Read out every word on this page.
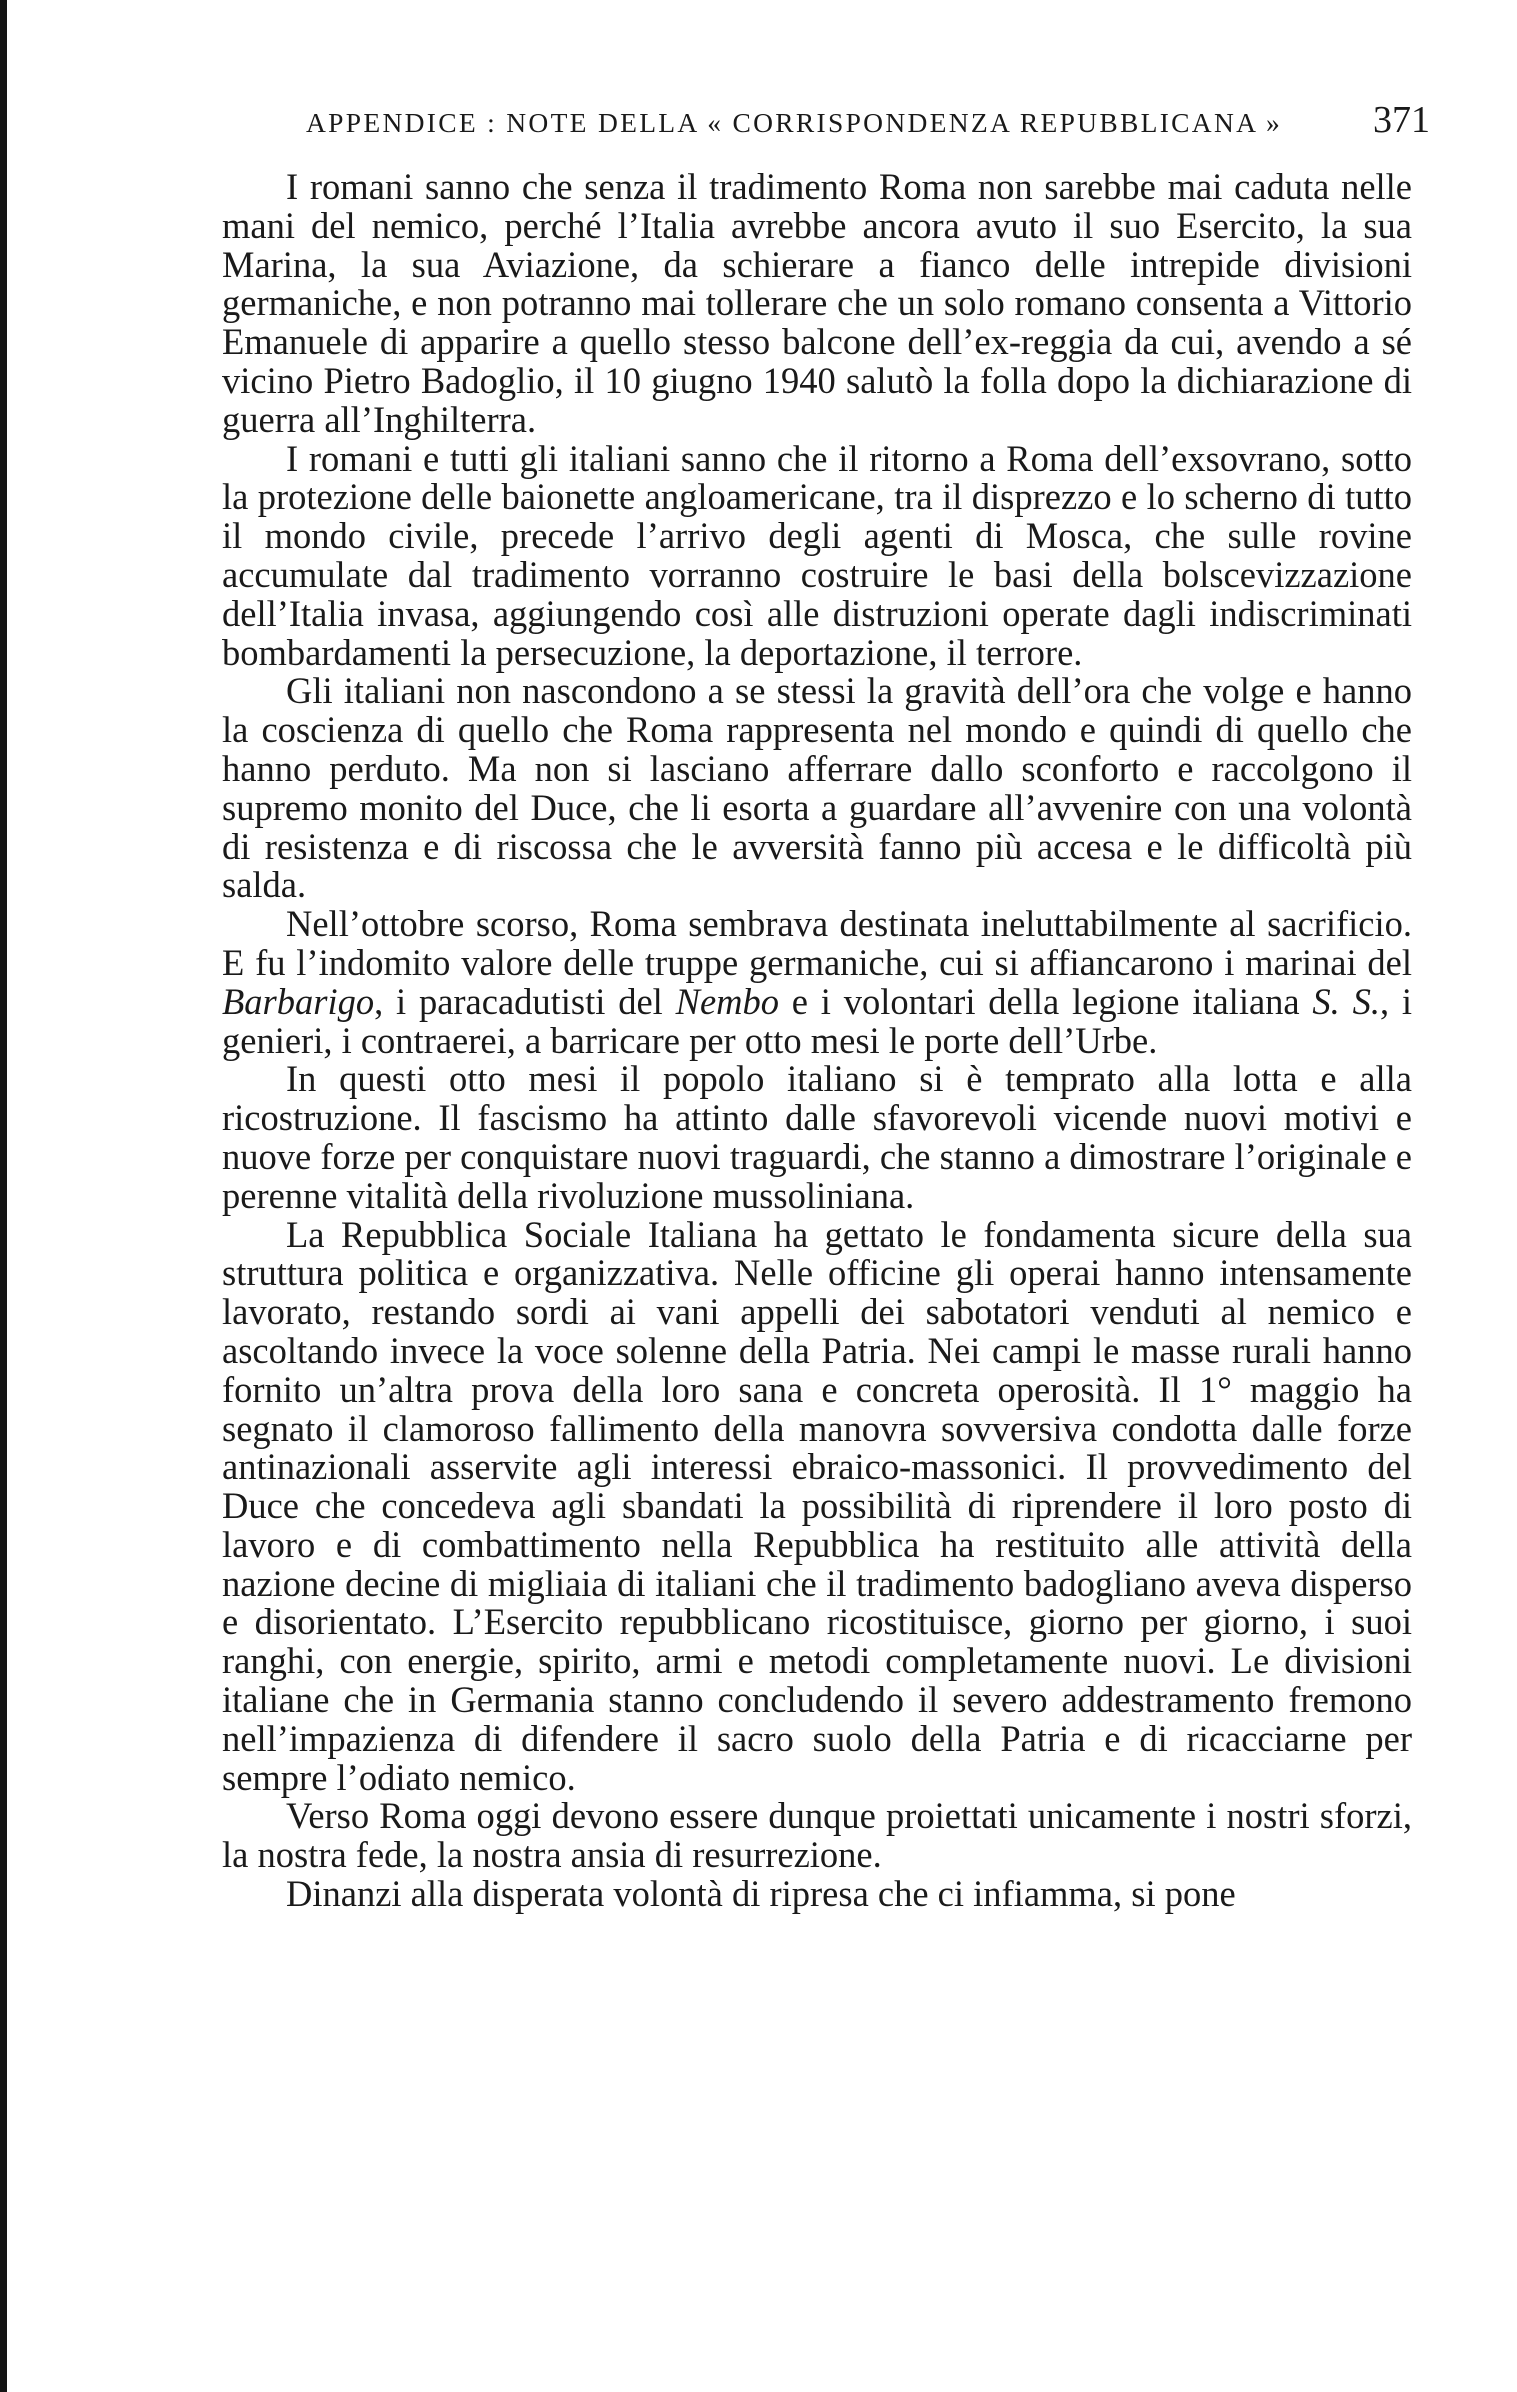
APPENDICE : NOTE DELLA « CORRISPONDENZA REPUBBLICANA » 371

I romani sanno che senza il tradimento Roma non sarebbe mai caduta nelle mani del nemico, perché l’Italia avrebbe ancora avuto il suo Esercito, la sua Marina, la sua Aviazione, da schierare a fianco delle intrepide divisioni germaniche, e non potranno mai tollerare che un solo romano consenta a Vittorio Emanuele di apparire a quello stesso balcone dell’ex-reggia da cui, avendo a sé vicino Pietro Badoglio, il 10 giugno 1940 salutò la folla dopo la dichiarazione di guerra all’Inghilterra.

I romani e tutti gli italiani sanno che il ritorno a Roma dell’exsovrano, sotto la protezione delle baionette angloamericane, tra il disprezzo e lo scherno di tutto il mondo civile, precede l’arrivo degli agenti di Mosca, che sulle rovine accumulate dal tradimento vorranno costruire le basi della bolscevizzazione dell’Italia invasa, aggiungendo così alle distruzioni operate dagli indiscriminati bombardamenti la persecuzione, la deportazione, il terrore.

Gli italiani non nascondono a se stessi la gravità dell’ora che volge e hanno la coscienza di quello che Roma rappresenta nel mondo e quindi di quello che hanno perduto. Ma non si lasciano afferrare dallo sconforto e raccolgono il supremo monito del Duce, che li esorta a guardare all’avvenire con una volontà di resistenza e di riscossa che le avversità fanno più accesa e le difficoltà più salda.

Nell’ottobre scorso, Roma sembrava destinata ineluttabilmente al sacrificio. E fu l’indomito valore delle truppe germaniche, cui si affiancarono i marinai del Barbarigo, i paracadutisti del Nembo e i volontari della legione italiana S. S., i genieri, i contraerei, a barricare per otto mesi le porte dell’Urbe.

In questi otto mesi il popolo italiano si è temprato alla lotta e alla ricostruzione. Il fascismo ha attinto dalle sfavorevoli vicende nuovi motivi e nuove forze per conquistare nuovi traguardi, che stanno a dimostrare l’originale e perenne vitalità della rivoluzione mussoliniana.

La Repubblica Sociale Italiana ha gettato le fondamenta sicure della sua struttura politica e organizzativa. Nelle officine gli operai hanno intensamente lavorato, restando sordi ai vani appelli dei sabotatori venduti al nemico e ascoltando invece la voce solenne della Patria. Nei campi le masse rurali hanno fornito un’altra prova della loro sana e concreta operosità. Il 1° maggio ha segnato il clamoroso fallimento della manovra sovversiva condotta dalle forze antinazionali asservite agli interessi ebraico-massonici. Il provvedimento del Duce che concedeva agli sbandati la possibilità di riprendere il loro posto di lavoro e di combattimento nella Repubblica ha restituito alle attività della nazione decine di migliaia di italiani che il tradimento badogliano aveva disperso e disorientato. L’Esercito repubblicano ricostituisce, giorno per giorno, i suoi ranghi, con energie, spirito, armi e metodi completamente nuovi. Le divisioni italiane che in Germania stanno concludendo il severo addestramento fremono nell’impazienza di difendere il sacro suolo della Patria e di ricacciarne per sempre l’odiato nemico.

Verso Roma oggi devono essere dunque proiettati unicamente i nostri sforzi, la nostra fede, la nostra ansia di resurrezione.

Dinanzi alla disperata volontà di ripresa che ci infiamma, si pone
